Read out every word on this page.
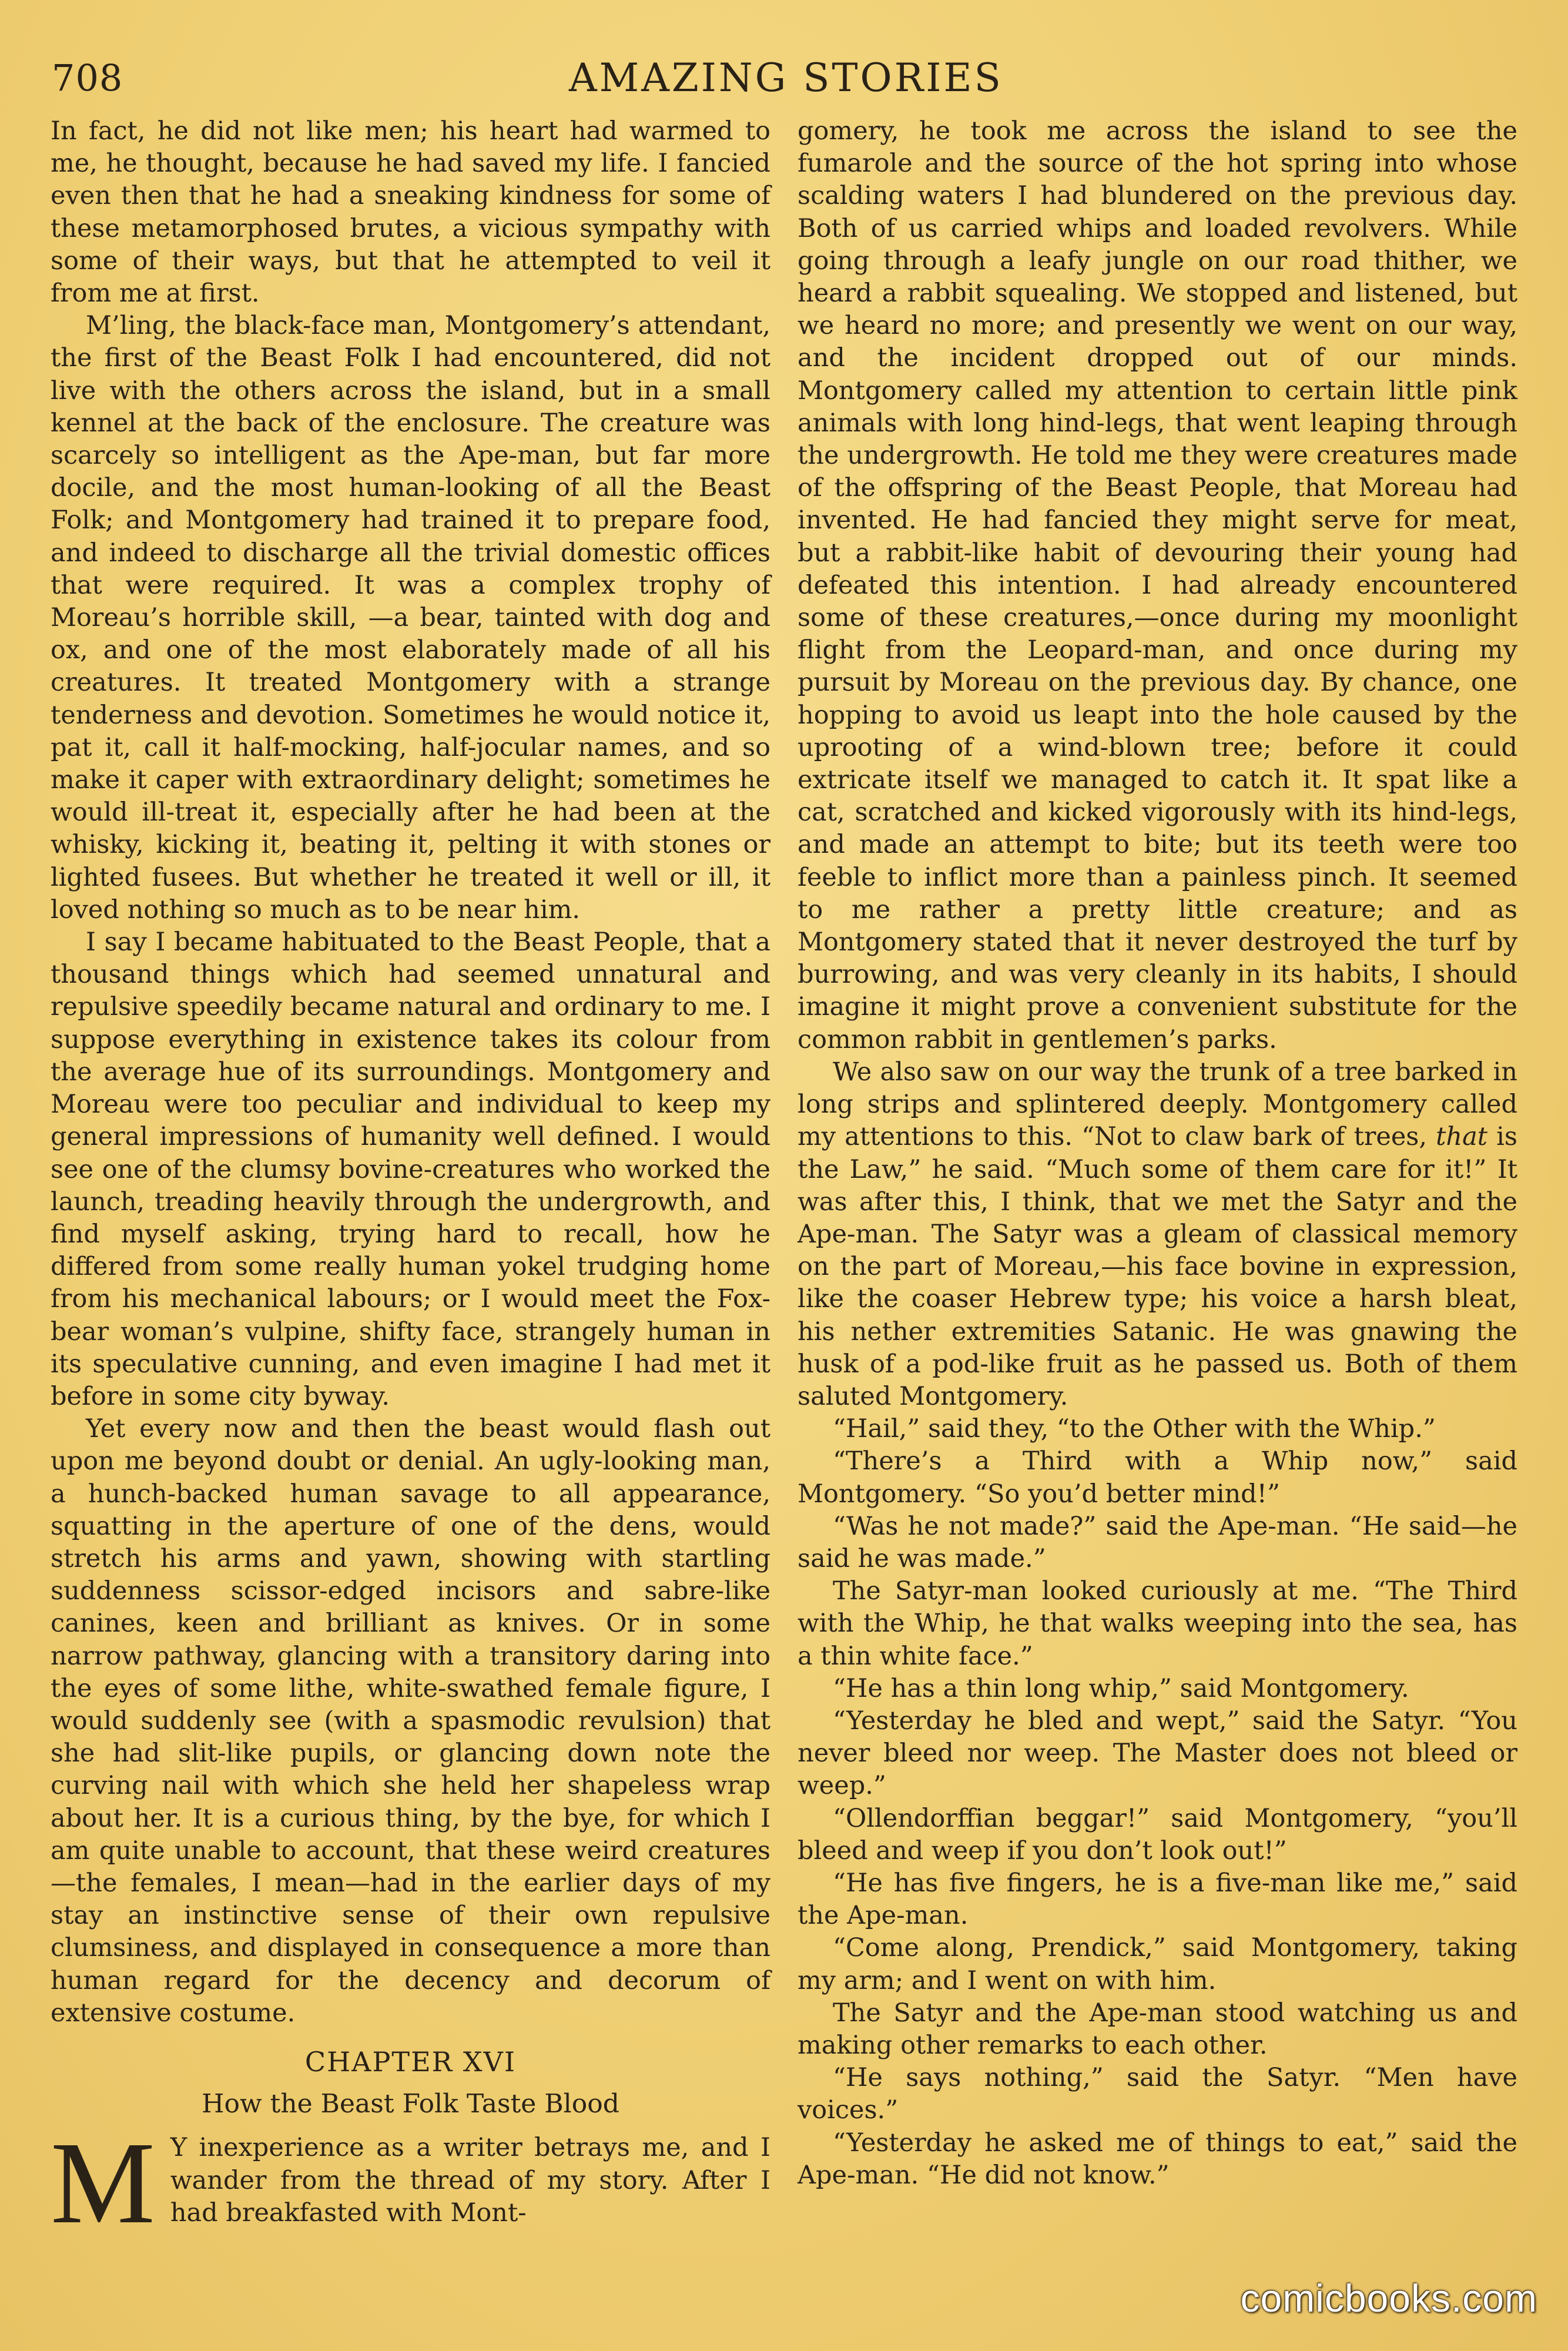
708	AMAZING STORIES

In fact, he did not like men; his heart had warmed to me, he thought, because he had saved my life. I fancied even then that he had a sneaking kindness for some of these metamorphosed brutes, a vicious sympathy with some of their ways, but that he attempted to veil it from me at first.

M’ling, the black-face man, Montgomery’s attendant, the first of the Beast Folk I had encountered, did not live with the others across the island, but in a small kennel at the back of the enclosure. The creature was scarcely so intelligent as the Ape-man, but far more docile, and the most human-looking of all the Beast Folk; and Montgomery had trained it to prepare food, and indeed to discharge all the trivial domestic offices that were required. It was a complex trophy of Moreau’s horrible skill, —a bear, tainted with dog and ox, and one of the most elaborately made of all his creatures. It treated Montgomery with a strange tenderness and devotion. Sometimes he would notice it, pat it, call it half-mocking, half-jocular names, and so make it caper with extraordinary delight; sometimes he would ill-treat it, especially after he had been at the whisky, kicking it, beating it, pelting it with stones or lighted fusees. But whether he treated it well or ill, it loved nothing so much as to be near him.

I say I became habituated to the Beast People, that a thousand things which had seemed unnatural and repulsive speedily became natural and ordinary to me. I suppose everything in existence takes its colour from the average hue of its surroundings. Montgomery and Moreau were too peculiar and individual to keep my general impressions of humanity well defined. I would see one of the clumsy bovine-creatures who worked the launch, treading heavily through the undergrowth, and find myself asking, trying hard to recall, how he differed from some really human yokel trudging home from his mechanical labours; or I would meet the Fox-bear woman’s vulpine, shifty face, strangely human in its speculative cunning, and even imagine I had met it before in some city byway.

Yet every now and then the beast would flash out upon me beyond doubt or denial. An ugly-looking man, a hunch-backed human savage to all appearance, squatting in the aperture of one of the dens, would stretch his arms and yawn, showing with startling suddenness scissor-edged incisors and sabre-like canines, keen and brilliant as knives. Or in some narrow pathway, glancing with a transitory daring into the eyes of some lithe, white-swathed female figure, I would suddenly see (with a spasmodic revulsion) that she had slit-like pupils, or glancing down note the curving nail with which she held her shapeless wrap about her. It is a curious thing, by the bye, for which I am quite unable to account, that these weird creatures—the females, I mean—had in the earlier days of my stay an instinctive sense of their own repulsive clumsiness, and displayed in consequence a more than human regard for the decency and decorum of extensive costume.

CHAPTER XVI
How the Beast Folk Taste Blood

M Y inexperience as a writer betrays me, and I wander from the thread of my story. After I had breakfasted with Mont-

gomery, he took me across the island to see the fumarole and the source of the hot spring into whose scalding waters I had blundered on the previous day. Both of us carried whips and loaded revolvers. While going through a leafy jungle on our road thither, we heard a rabbit squealing. We stopped and listened, but we heard no more; and presently we went on our way, and the incident dropped out of our minds. Montgomery called my attention to certain little pink animals with long hind-legs, that went leaping through the undergrowth. He told me they were creatures made of the offspring of the Beast People, that Moreau had invented. He had fancied they might serve for meat, but a rabbit-like habit of devouring their young had defeated this intention. I had already encountered some of these creatures,—once during my moonlight flight from the Leopard-man, and once during my pursuit by Moreau on the previous day. By chance, one hopping to avoid us leapt into the hole caused by the uprooting of a wind-blown tree; before it could extricate itself we managed to catch it. It spat like a cat, scratched and kicked vigorously with its hind-legs, and made an attempt to bite; but its teeth were too feeble to inflict more than a painless pinch. It seemed to me rather a pretty little creature; and as Montgomery stated that it never destroyed the turf by burrowing, and was very cleanly in its habits, I should imagine it might prove a convenient substitute for the common rabbit in gentlemen’s parks.

We also saw on our way the trunk of a tree barked in long strips and splintered deeply. Montgomery called my attentions to this. “Not to claw bark of trees, that is the Law,” he said. “Much some of them care for it!” It was after this, I think, that we met the Satyr and the Ape-man. The Satyr was a gleam of classical memory on the part of Moreau,—his face bovine in expression, like the coaser Hebrew type; his voice a harsh bleat, his nether extremities Satanic. He was gnawing the husk of a pod-like fruit as he passed us. Both of them saluted Montgomery.

“Hail,” said they, “to the Other with the Whip.”

“There’s a Third with a Whip now,” said Montgomery. “So you’d better mind!”

“Was he not made?” said the Ape-man. “He said—he said he was made.”

The Satyr-man looked curiously at me. “The Third with the Whip, he that walks weeping into the sea, has a thin white face.”

“He has a thin long whip,” said Montgomery.

“Yesterday he bled and wept,” said the Satyr. “You never bleed nor weep. The Master does not bleed or weep.”

“Ollendorffian beggar!” said Montgomery, “you’ll bleed and weep if you don’t look out!”

“He has five fingers, he is a five-man like me,” said the Ape-man.

“Come along, Prendick,” said Montgomery, taking my arm; and I went on with him.

The Satyr and the Ape-man stood watching us and making other remarks to each other.

“He says nothing,” said the Satyr. “Men have voices.”

“Yesterday he asked me of things to eat,” said the Ape-man. “He did not know.”

comicbooks.com
